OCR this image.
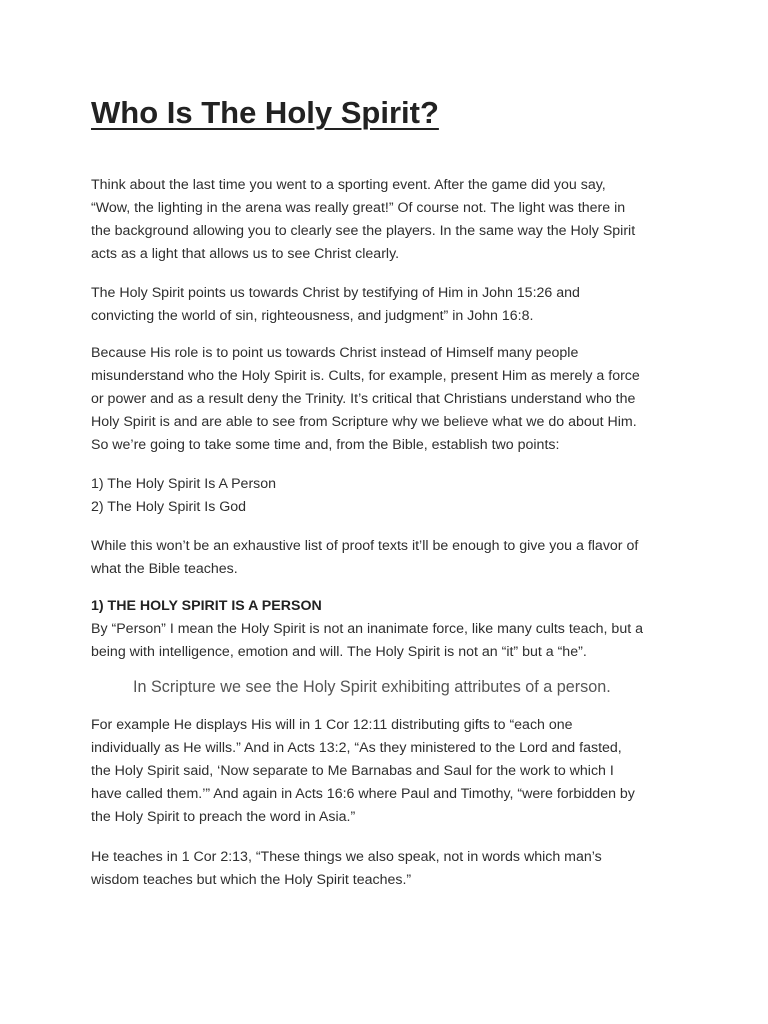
Who Is The Holy Spirit?

Think about the last time you went to a sporting event. After the game did you say,
“Wow, the lighting in the arena was really great!” Of course not. The light was there in
the background allowing you to clearly see the players. In the same way the Holy Spirit
acts as a light that allows us to see Christ clearly.

The Holy Spirit points us towards Christ by testifying of Him in John 15:26 and
convicting the world of sin, righteousness, and judgment” in John 16:8.

Because His role is to point us towards Christ instead of Himself many people
misunderstand who the Holy Spirit is. Cults, for example, present Him as merely a force
or power and as a result deny the Trinity. It’s critical that Christians understand who the
Holy Spirit is and are able to see from Scripture why we believe what we do about Him.
So we’re going to take some time and, from the Bible, establish two points:

1) The Holy Spirit Is A Person
2) The Holy Spirit Is God

While this won’t be an exhaustive list of proof texts it’ll be enough to give you a flavor of
what the Bible teaches.

1) THE HOLY SPIRIT IS A PERSON

By “Person” I mean the Holy Spirit is not an inanimate force, like many cults teach, but a
being with intelligence, emotion and will. The Holy Spirit is not an “it” but a “he”.

In Scripture we see the Holy Spirit exhibiting attributes of a person.

For example He displays His will in 1 Cor 12:11 distributing gifts to “each one
individually as He wills.” And in Acts 13:2, “As they ministered to the Lord and fasted,
the Holy Spirit said, ‘Now separate to Me Barnabas and Saul for the work to which I
have called them.’” And again in Acts 16:6 where Paul and Timothy, “were forbidden by
the Holy Spirit to preach the word in Asia.”

He teaches in 1 Cor 2:13, “These things we also speak, not in words which man’s
wisdom teaches but which the Holy Spirit teaches.”
